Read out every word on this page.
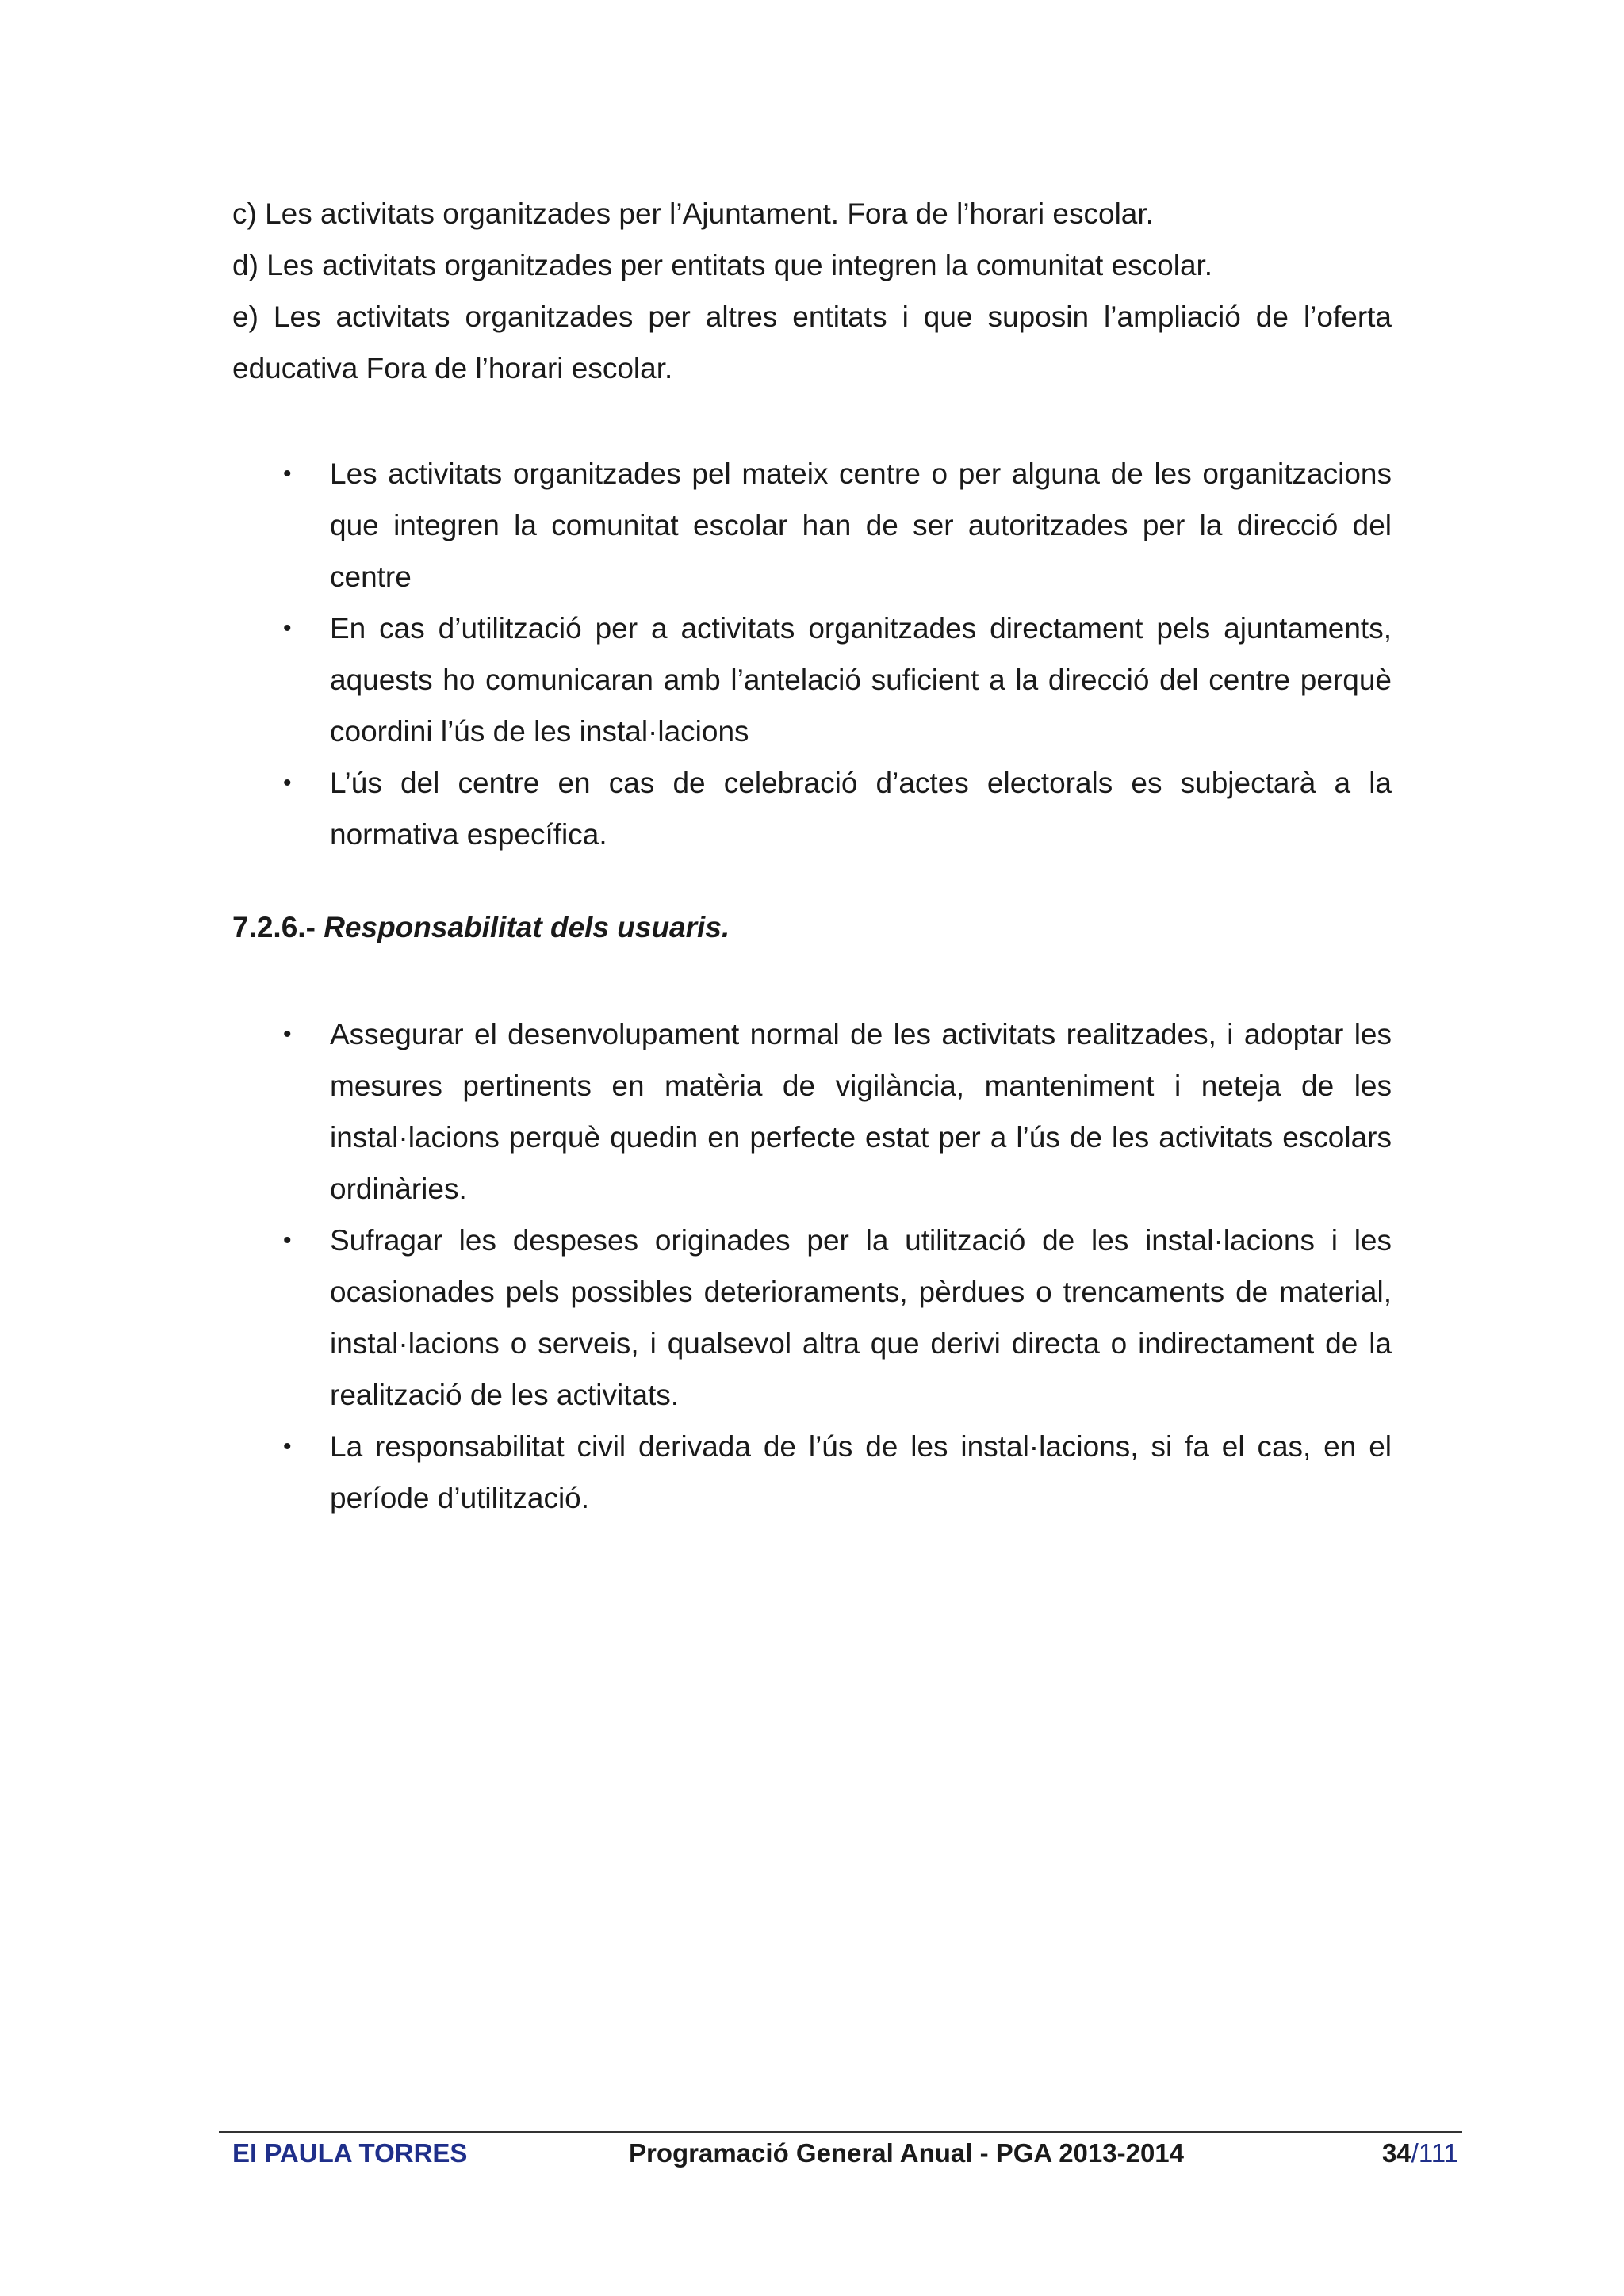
c) Les activitats organitzades per l’Ajuntament. Fora de l’horari escolar.

d) Les activitats organitzades per entitats que integren la comunitat escolar.

e) Les activitats organitzades per altres entitats i que suposin l’ampliació de l’oferta educativa Fora de l’horari escolar.

• Les activitats organitzades pel mateix centre o per alguna de les organitzacions que integren la comunitat escolar han de ser autoritzades per la direcció del centre
• En cas d’utilització per a activitats organitzades directament pels ajuntaments, aquests ho comunicaran amb l’antelació suficient a la direcció del centre perquè coordini l’ús de les instal·lacions
• L’ús del centre en cas de celebració d’actes electorals es subjectarà a la normativa específica.

7.2.6.- Responsabilitat dels usuaris.

• Assegurar el desenvolupament normal de les activitats realitzades, i adoptar les mesures pertinents en matèria de vigilància, manteniment i neteja de les instal·lacions perquè quedin en perfecte estat per a l’ús de les activitats escolars ordinàries.
• Sufragar les despeses originades per la utilització de les instal·lacions i les ocasionades pels possibles deterioraments, pèrdues o trencaments de material, instal·lacions o serveis, i qualsevol altra que derivi directa o indirectament de la realització de les activitats.
• La responsabilitat civil derivada de l’ús de les instal·lacions, si fa el cas, en el període d’utilització.
EI PAULA TORRES	Programació General Anual - PGA 2013-2014	34/111
